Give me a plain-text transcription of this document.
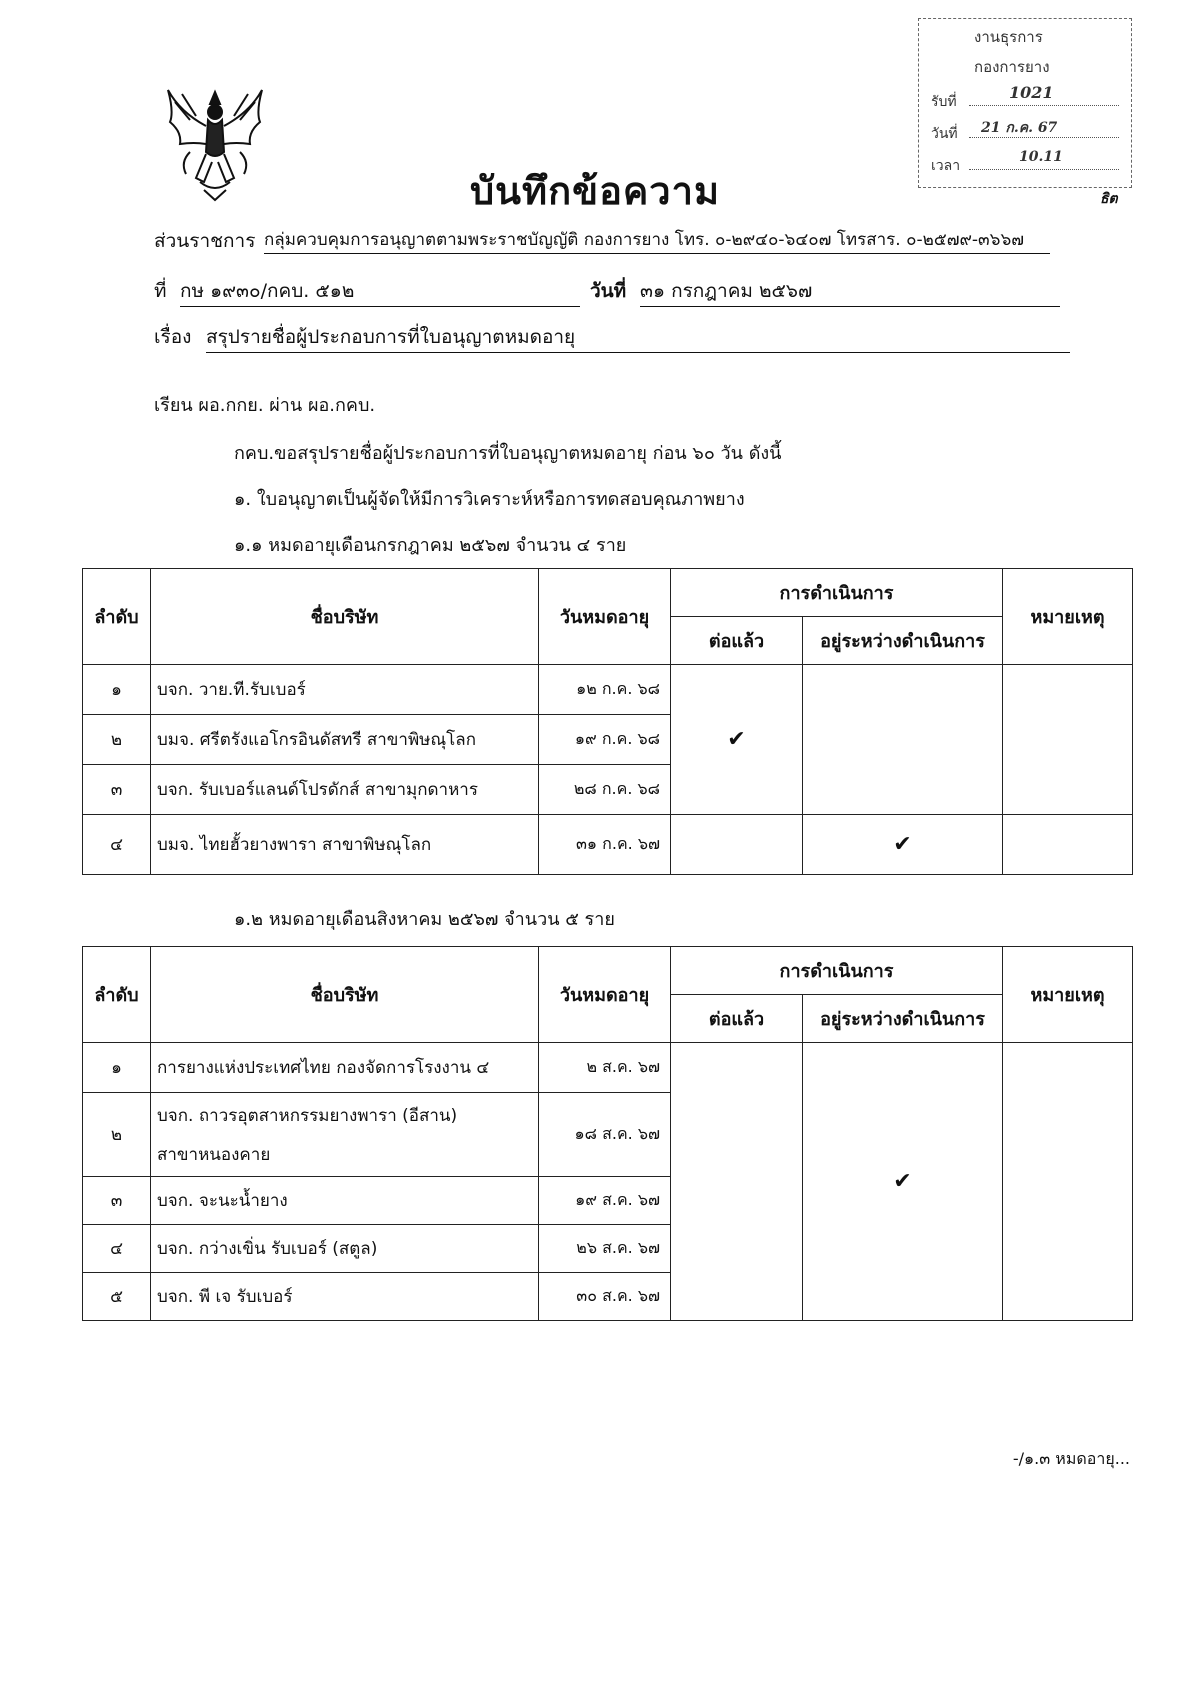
งานธุรการ
กองการยาง
รับที่	1021
วันที่ 21 ก.ค. 67
เวลา
10.11
ธิต
บันทึกข้อความ
ส่วนราชการ กลุ่มควบคุมการอนุญาตตามพระราชบัญญัติ กองการยาง โทร. ๐-๒๙๔๐-๖๔๐๗ โทรสาร. ๐-๒๕๗๙-๓๖๖๗
ที่ กษ ๑๙๓๐/กคบ. ๕๑๒	วันที่ ๓๑ กรกฎาคม ๒๕๖๗
เรื่อง สรุปรายชื่อผู้ประกอบการที่ใบอนุญาตหมดอายุ
เรียน ผอ.กกย. ผ่าน ผอ.กคบ.
กคบ.ขอสรุปรายชื่อผู้ประกอบการที่ใบอนุญาตหมดอายุ ก่อน ๖๐ วัน ดังนี้
๑. ใบอนุญาตเป็นผู้จัดให้มีการวิเคราะห์หรือการทดสอบคุณภาพยาง
๑.๑ หมดอายุเดือนกรกฎาคม ๒๕๖๗ จำนวน ๔ ราย
ลำดับ	ชื่อบริษัท	วันหมดอายุ	การดำเนินการ		หมายเหตุ
			ต่อแล้ว	อยู่ระหว่างดำเนินการ	
๑	บจก. วาย.ที.รับเบอร์	๑๒ ก.ค. ๖๘	✔		
๒	บมจ. ศรีตรังแอโกรอินดัสทรี สาขาพิษณุโลก	๑๙ ก.ค. ๖๘			
๓	บจก. รับเบอร์แลนด์โปรดักส์ สาขามุกดาหาร	๒๘ ก.ค. ๖๘			
๔	บมจ. ไทยฮั้วยางพารา สาขาพิษณุโลก	๓๑ ก.ค. ๖๗		✔	
๑.๒ หมดอายุเดือนสิงหาคม ๒๕๖๗ จำนวน ๕ ราย
ลำดับ	ชื่อบริษัท	วันหมดอายุ	การดำเนินการ		หมายเหตุ
			ต่อแล้ว	อยู่ระหว่างดำเนินการ	
๑	การยางแห่งประเทศไทย กองจัดการโรงงาน ๔	๒ ส.ค. ๖๗		✔	
๒	บจก. ถาวรอุตสาหกรรมยางพารา (อีสาน)
สาขาหนองคาย	๑๘ ส.ค. ๖๗			
๓	บจก. จะนะน้ำยาง	๑๙ ส.ค. ๖๗			
๔	บจก. กว่างเขิ่น รับเบอร์ (สตูล)	๒๖ ส.ค. ๖๗			
๕	บจก. พี เจ รับเบอร์	๓๐ ส.ค. ๖๗			
-/๑.๓ หมดอายุ...
